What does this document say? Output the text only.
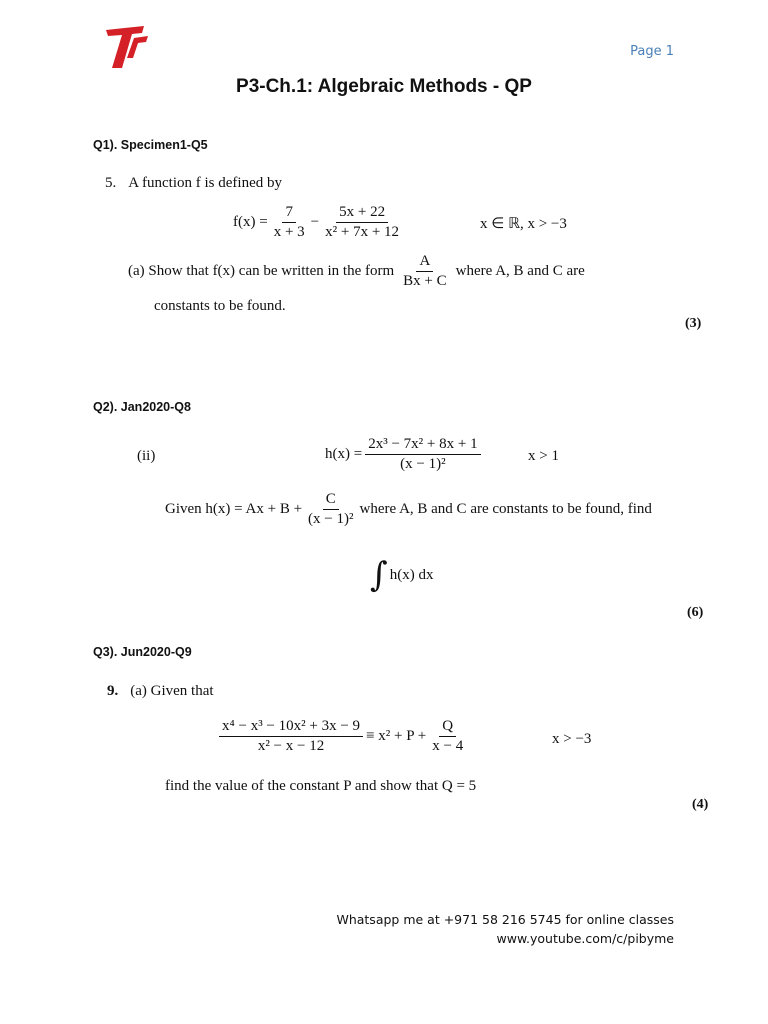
Page 1
P3-Ch.1: Algebraic Methods - QP
Q1). Specimen1-Q5
5. A function f is defined by
$f(x) = \frac{7}{x + 3} - \frac{5x + 22}{\text{x² + 7x + 12}}$	x ∈ ℝ, x > −3
(a) Show that f(x) can be written in the form $\frac{A}{Bx + C}$ where A, B and C are
constants to be found.
(3)
Q2). Jan2020-Q8
(ii)	$h(x) = \frac{\text{2x³ − 7x² + 8x + 1}}{\text{(x − 1)²}}$	x > 1
Given $h(x) = Ax + B + \frac{C}{\text{(x − 1)²}}$ where A, B and C are constants to be found, find
∫ h(x) dx
(6)
Q3). Jun2020-Q9
9. (a) Given that
$\frac{\text{x⁴ − x³ − 10x² + 3x − 9}}{\text{x² − x − 12}} \equiv x^2 + P + \frac{Q}{x - 4}$	x > −3
find the value of the constant P and show that Q = 5
(4)
Whatsapp me at +971 58 216 5745 for online classes
www.youtube.com/c/pibyme
